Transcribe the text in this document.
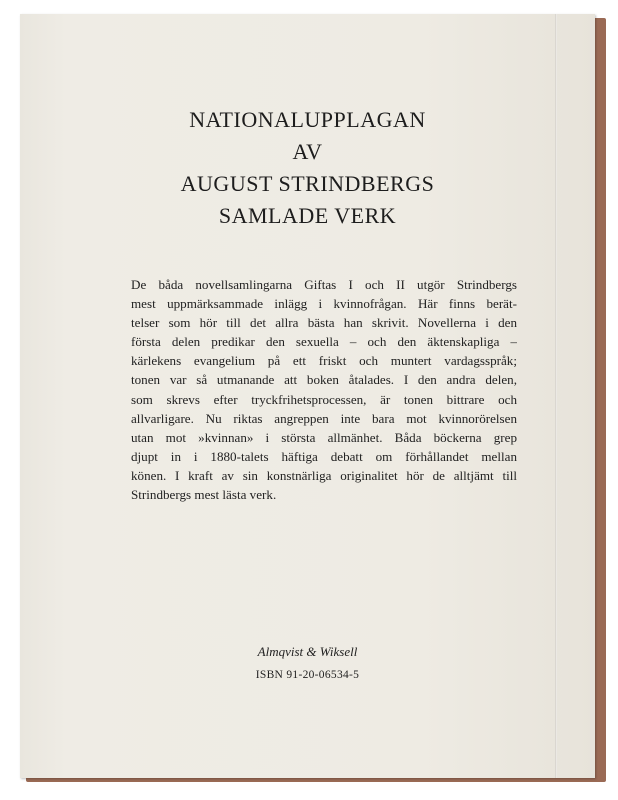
NATIONALUPPLAGAN
AV
AUGUST STRINDBERGS
SAMLADE VERK
De båda novellsamlingarna Giftas I och II utgör Strindbergs
mest uppmärksammade inlägg i kvinnofrågan. Här finns berät-
telser som hör till det allra bästa han skrivit. Novellerna i den
första delen predikar den sexuella – och den äktenskapliga –
kärlekens evangelium på ett friskt och muntert vardagsspråk;
tonen var så utmanande att boken åtalades. I den andra delen,
som skrevs efter tryckfrihetsprocessen, är tonen bittrare och
allvarligare. Nu riktas angreppen inte bara mot kvinnorörelsen
utan mot »kvinnan» i största allmänhet. Båda böckerna grep
djupt in i 1880-talets häftiga debatt om förhållandet mellan
könen. I kraft av sin konstnärliga originalitet hör de alltjämt till
Strindbergs mest lästa verk.
Almqvist & Wiksell
ISBN 91-20-06534-5
